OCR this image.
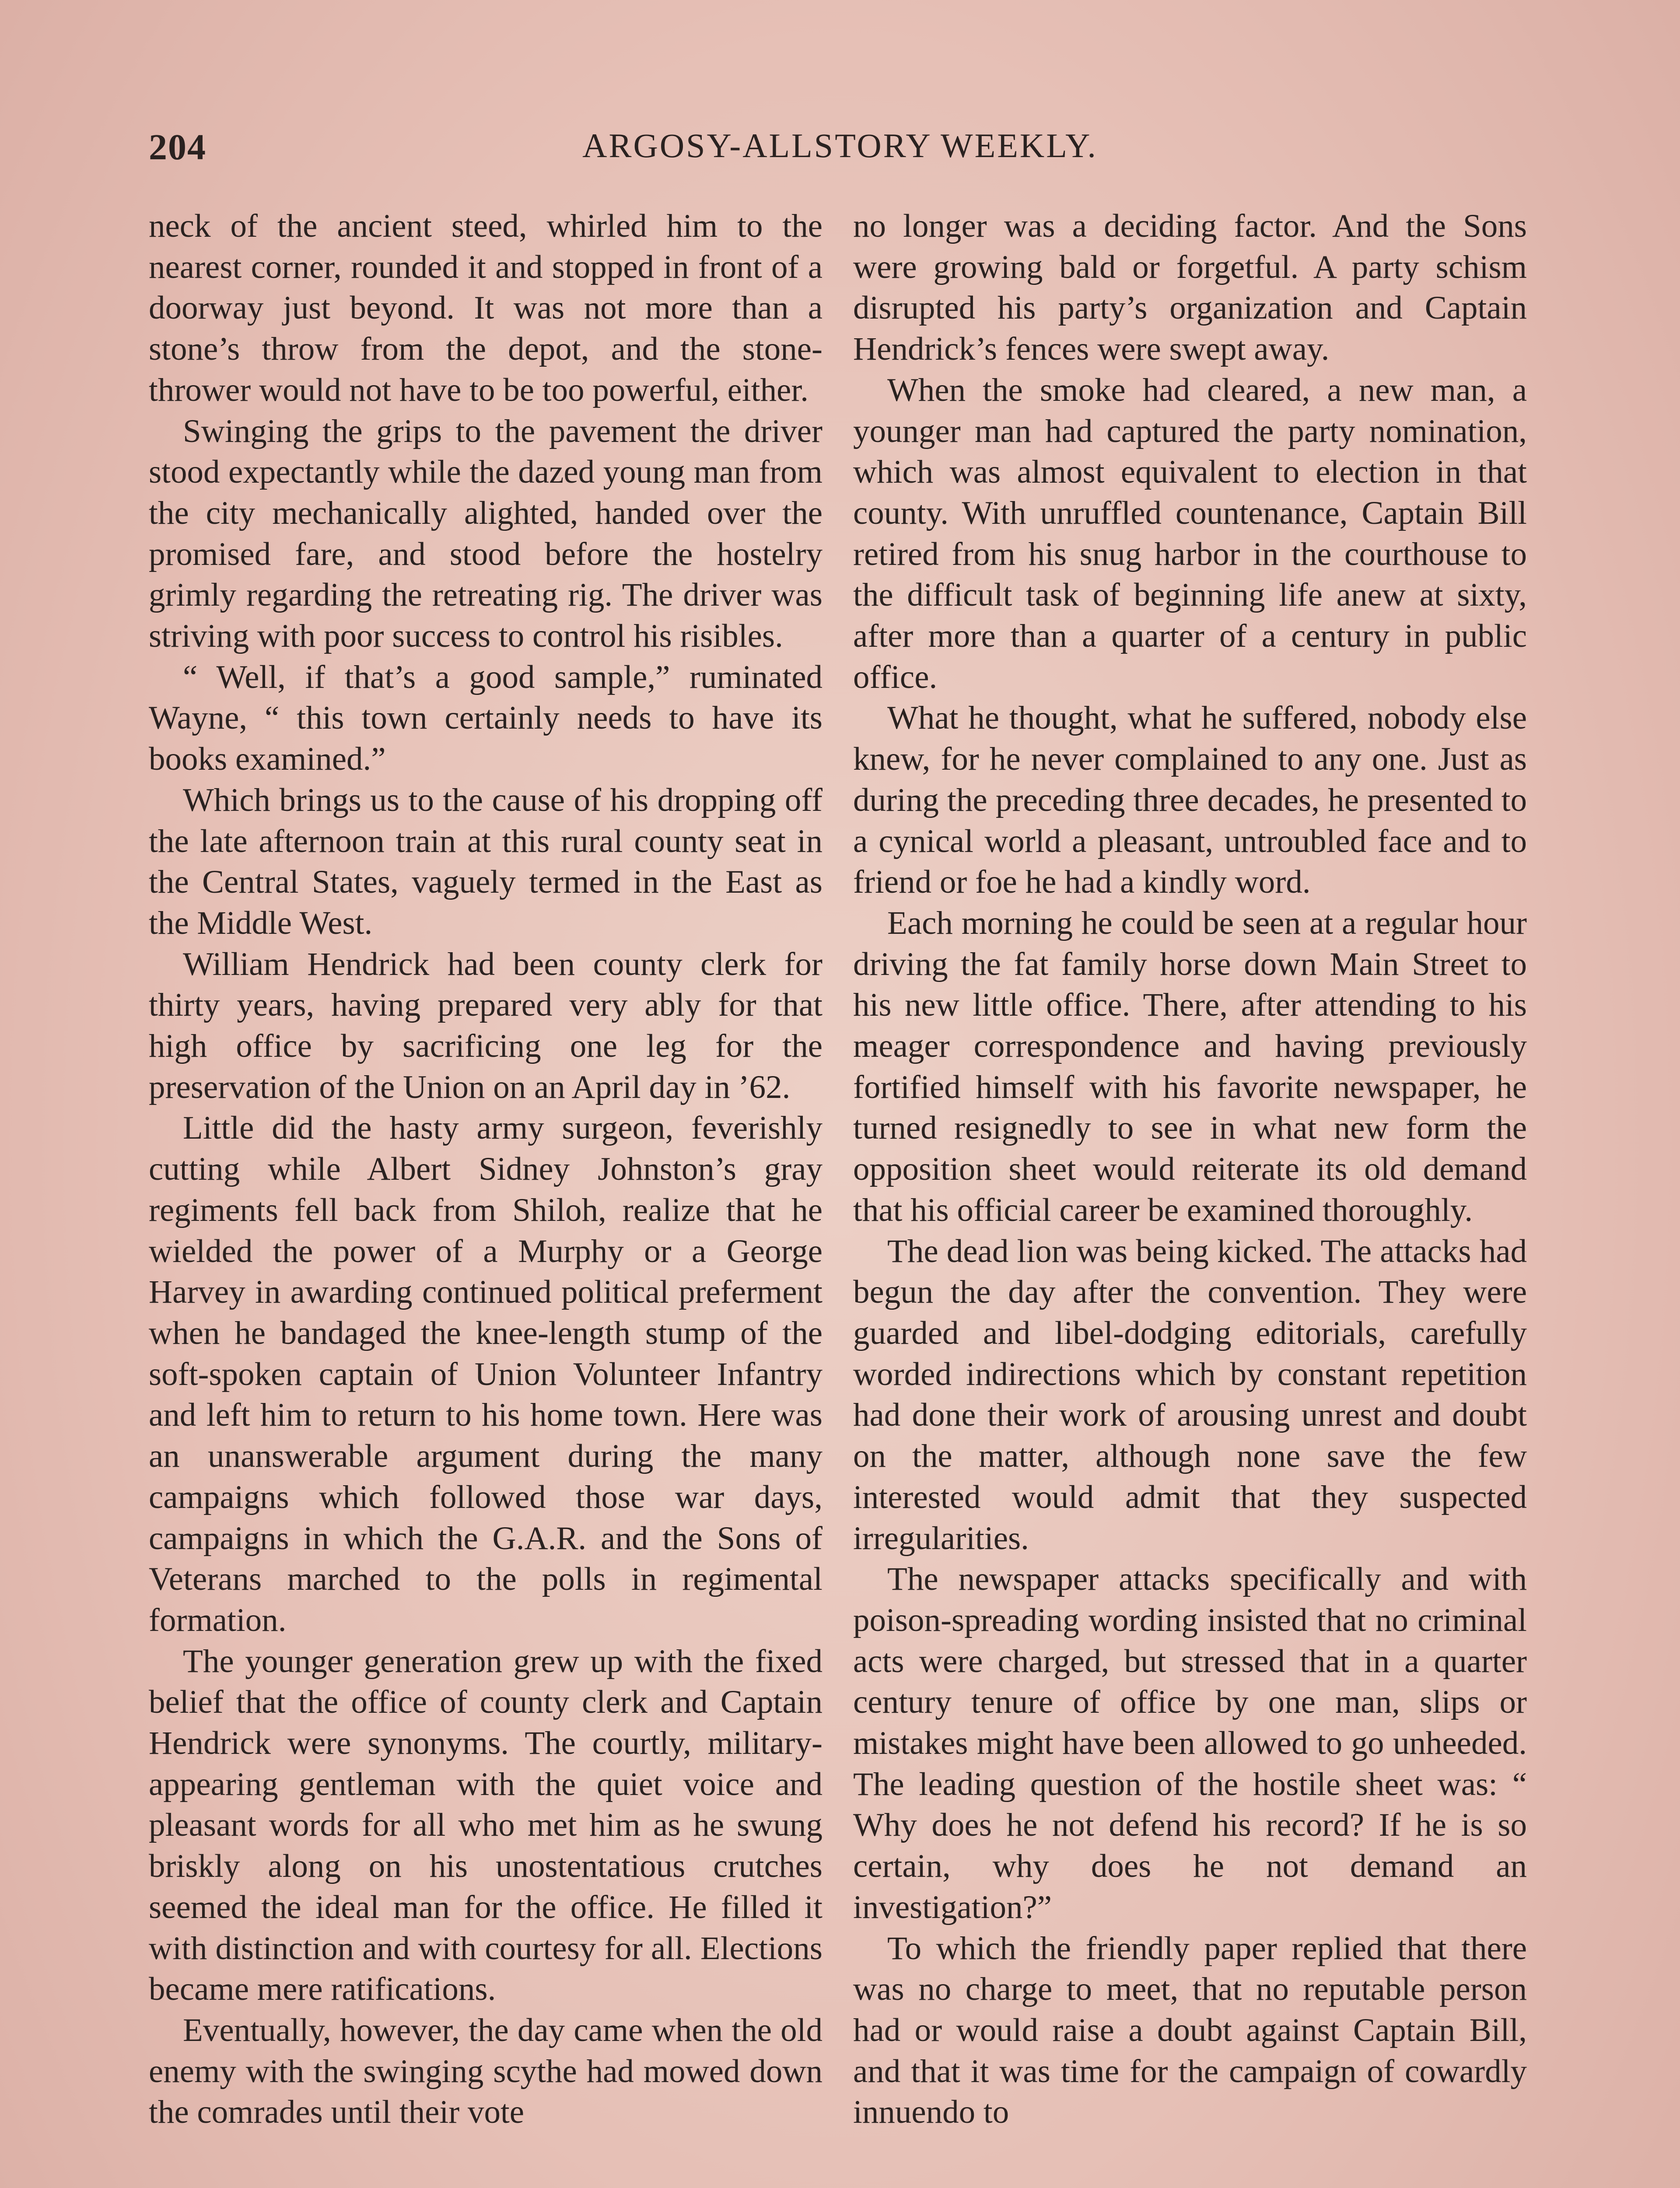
204	ARGOSY-ALLSTORY WEEKLY.

neck of the ancient steed, whirled him to the nearest corner, rounded it and stopped in front of a doorway just beyond. It was not more than a stone’s throw from the depot, and the stone-thrower would not have to be too powerful, either.

Swinging the grips to the pavement the driver stood expectantly while the dazed young man from the city mechanically alighted, handed over the promised fare, and stood before the hostelry grimly regarding the retreating rig. The driver was striving with poor success to control his risibles.

“ Well, if that’s a good sample,” ruminated Wayne, “ this town certainly needs to have its books examined.”

Which brings us to the cause of his dropping off the late afternoon train at this rural county seat in the Central States, vaguely termed in the East as the Middle West.

William Hendrick had been county clerk for thirty years, having prepared very ably for that high office by sacrificing one leg for the preservation of the Union on an April day in ’62.

Little did the hasty army surgeon, feverishly cutting while Albert Sidney Johnston’s gray regiments fell back from Shiloh, realize that he wielded the power of a Murphy or a George Harvey in awarding continued political preferment when he bandaged the knee-length stump of the soft-spoken captain of Union Volunteer Infantry and left him to return to his home town. Here was an unanswerable argument during the many campaigns which followed those war days, campaigns in which the G.A.R. and the Sons of Veterans marched to the polls in regimental formation.

The younger generation grew up with the fixed belief that the office of county clerk and Captain Hendrick were synonyms. The courtly, military-appearing gentleman with the quiet voice and pleasant words for all who met him as he swung briskly along on his unostentatious crutches seemed the ideal man for the office. He filled it with distinction and with courtesy for all. Elections became mere ratifications.

Eventually, however, the day came when the old enemy with the swinging scythe had mowed down the comrades until their vote

no longer was a deciding factor. And the Sons were growing bald or forgetful. A party schism disrupted his party’s organization and Captain Hendrick’s fences were swept away.

When the smoke had cleared, a new man, a younger man had captured the party nomination, which was almost equivalent to election in that county. With unruffled countenance, Captain Bill retired from his snug harbor in the courthouse to the difficult task of beginning life anew at sixty, after more than a quarter of a century in public office.

What he thought, what he suffered, nobody else knew, for he never complained to any one. Just as during the preceding three decades, he presented to a cynical world a pleasant, untroubled face and to friend or foe he had a kindly word.

Each morning he could be seen at a regular hour driving the fat family horse down Main Street to his new little office. There, after attending to his meager correspondence and having previously fortified himself with his favorite newspaper, he turned resignedly to see in what new form the opposition sheet would reiterate its old demand that his official career be examined thoroughly.

The dead lion was being kicked. The attacks had begun the day after the convention. They were guarded and libel-dodging editorials, carefully worded indirections which by constant repetition had done their work of arousing unrest and doubt on the matter, although none save the few interested would admit that they suspected irregularities.

The newspaper attacks specifically and with poison-spreading wording insisted that no criminal acts were charged, but stressed that in a quarter century tenure of office by one man, slips or mistakes might have been allowed to go unheeded. The leading question of the hostile sheet was: “ Why does he not defend his record? If he is so certain, why does he not demand an investigation?”

To which the friendly paper replied that there was no charge to meet, that no reputable person had or would raise a doubt against Captain Bill, and that it was time for the campaign of cowardly innuendo to
